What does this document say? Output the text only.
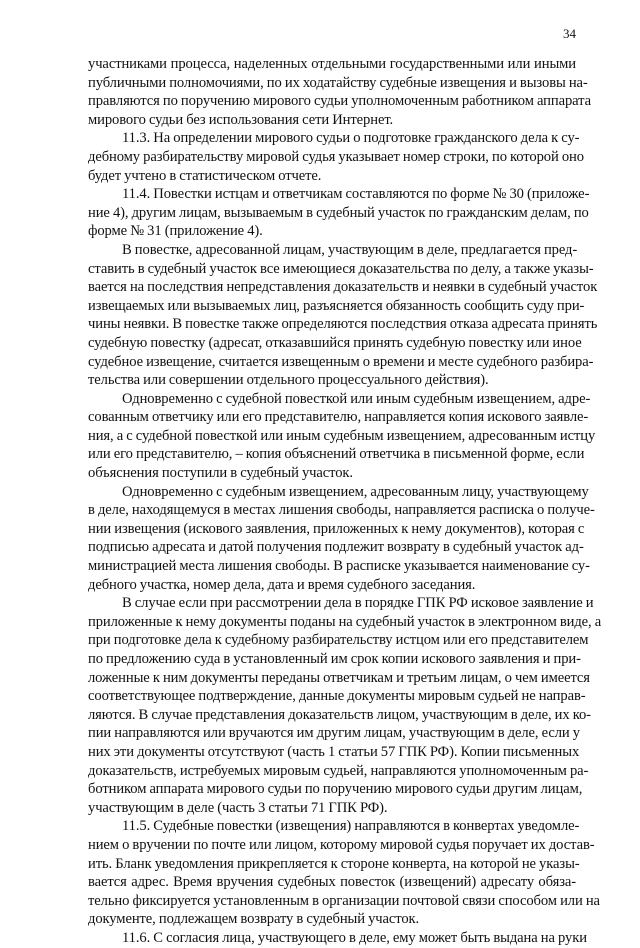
34
участниками процесса, наделенных отдельными государственными или иными
публичными полномочиями, по их ходатайству судебные извещения и вызовы на-
правляются по поручению мирового судьи уполномоченным работником аппарата
мирового судьи без использования сети Интернет.
11.3. На определении мирового судьи о подготовке гражданского дела к су-
дебному разбирательству мировой судья указывает номер строки, по которой оно
будет учтено в статистическом отчете.
11.4. Повестки истцам и ответчикам составляются по форме № 30 (приложе-
ние 4), другим лицам, вызываемым в судебный участок по гражданским делам, по
форме № 31 (приложение 4).
В повестке, адресованной лицам, участвующим в деле, предлагается пред-
ставить в судебный участок все имеющиеся доказательства по делу, а также указы-
вается на последствия непредставления доказательств и неявки в судебный участок
извещаемых или вызываемых лиц, разъясняется обязанность сообщить суду при-
чины неявки. В повестке также определяются последствия отказа адресата принять
судебную повестку (адресат, отказавшийся принять судебную повестку или иное
судебное извещение, считается извещенным о времени и месте судебного разбира-
тельства или совершении отдельного процессуального действия).
Одновременно с судебной повесткой или иным судебным извещением, адре-
сованным ответчику или его представителю, направляется копия искового заявле-
ния, а с судебной повесткой или иным судебным извещением, адресованным истцу
или его представителю, – копия объяснений ответчика в письменной форме, если
объяснения поступили в судебный участок.
Одновременно с судебным извещением, адресованным лицу, участвующему
в деле, находящемуся в местах лишения свободы, направляется расписка о получе-
нии извещения (искового заявления, приложенных к нему документов), которая с
подписью адресата и датой получения подлежит возврату в судебный участок ад-
министрацией места лишения свободы. В расписке указывается наименование су-
дебного участка, номер дела, дата и время судебного заседания.
В случае если при рассмотрении дела в порядке ГПК РФ исковое заявление и
приложенные к нему документы поданы на судебный участок в электронном виде, а
при подготовке дела к судебному разбирательству истцом или его представителем
по предложению суда в установленный им срок копии искового заявления и при-
ложенные к ним документы переданы ответчикам и третьим лицам, о чем имеется
соответствующее подтверждение, данные документы мировым судьей не направ-
ляются. В случае представления доказательств лицом, участвующим в деле, их ко-
пии направляются или вручаются им другим лицам, участвующим в деле, если у
них эти документы отсутствуют (часть 1 статьи 57 ГПК РФ). Копии письменных
доказательств, истребуемых мировым судьей, направляются уполномоченным ра-
ботником аппарата мирового судьи по поручению мирового судьи другим лицам,
участвующим в деле (часть 3 статьи 71 ГПК РФ).
11.5. Судебные повестки (извещения) направляются в конвертах уведомле-
нием о вручении по почте или лицом, которому мировой судья поручает их достав-
ить. Бланк уведомления прикрепляется к стороне конверта, на которой не указы-
вается адрес. Время вручения судебных повесток (извещений) адресату обяза-
тельно фиксируется установленным в организации почтовой связи способом или на
документе, подлежащем возврату в судебный участок.
11.6. С согласия лица, участвующего в деле, ему может быть выдана на руки
